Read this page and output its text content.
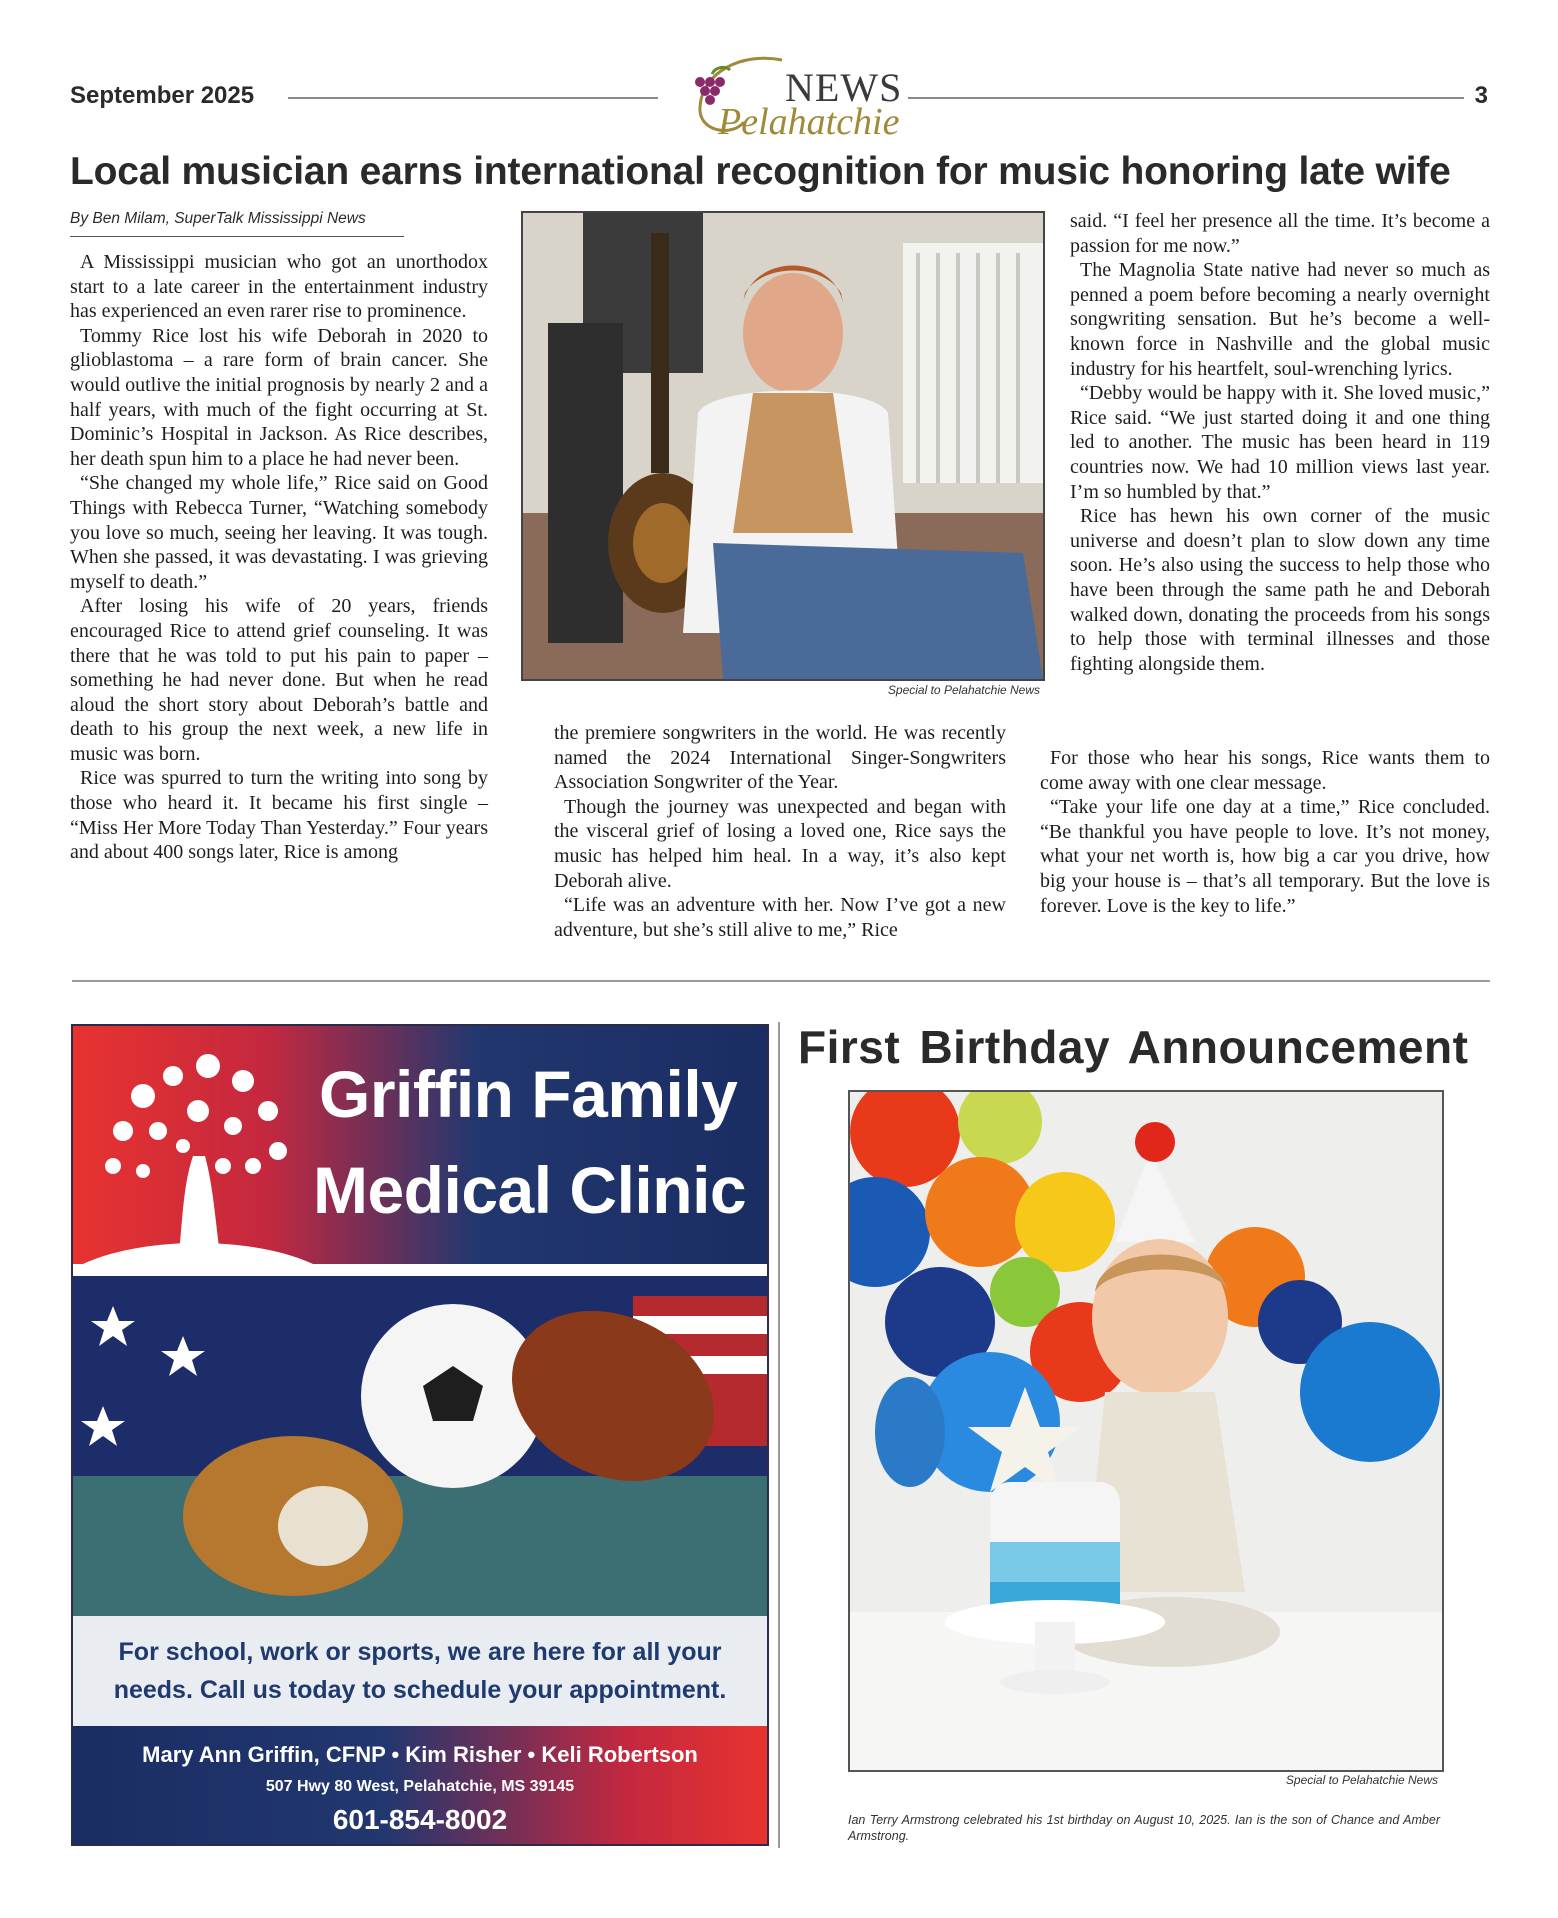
September 2025	3
NEWS
Pelahatchie
Local musician earns international recognition for music honoring late wife
By Ben Milam, SuperTalk Mississippi News

A Mississippi musician who got an unorthodox start to a late career in the entertainment industry has experienced an even rarer rise to prominence.

Tommy Rice lost his wife Deborah in 2020 to glioblastoma – a rare form of brain cancer. She would outlive the initial prognosis by nearly 2 and a half years, with much of the fight occurring at St. Dominic’s Hospital in Jackson. As Rice describes, her death spun him to a place he had never been.

“She changed my whole life,” Rice said on Good Things with Rebecca Turner, “Watching somebody you love so much, seeing her leaving. It was tough. When she passed, it was devastating. I was grieving myself to death.”

After losing his wife of 20 years, friends encouraged Rice to attend grief counseling. It was there that he was told to put his pain to paper – something he had never done. But when he read aloud the short story about Deborah’s battle and death to his group the next week, a new life in music was born.

Rice was spurred to turn the writing into song by those who heard it. It became his first single – “Miss Her More Today Than Yesterday.” Four years and about 400 songs later, Rice is among

Special to Pelahatchie News

the premiere songwriters in the world. He was recently named the 2024 International Singer-Songwriters Association Songwriter of the Year.

Though the journey was unexpected and began with the visceral grief of losing a loved one, Rice says the music has helped him heal. In a way, it’s also kept Deborah alive.

“Life was an adventure with her. Now I’ve got a new adventure, but she’s still alive to me,” Rice

said. “I feel her presence all the time. It’s become a passion for me now.”

The Magnolia State native had never so much as penned a poem before becoming a nearly overnight songwriting sensation. But he’s become a well-known force in Nashville and the global music industry for his heartfelt, soul-wrenching lyrics.

“Debby would be happy with it. She loved music,” Rice said. “We just started doing it and one thing led to another. The music has been heard in 119 countries now. We had 10 million views last year. I’m so humbled by that.”

Rice has hewn his own corner of the music universe and doesn’t plan to slow down any time soon. He’s also using the success to help those who have been through the same path he and Deborah walked down, donating the proceeds from his songs to help those with terminal illnesses and those fighting alongside them.

For those who hear his songs, Rice wants them to come away with one clear message.

“Take your life one day at a time,” Rice concluded. “Be thankful you have people to love. It’s not money, what your net worth is, how big a car you drive, how big your house is – that’s all temporary. But the love is forever. Love is the key to life.”

Griffin Family
Medical Clinic
For school, work or sports, we are here for all your
needs. Call us today to schedule your appointment.
Mary Ann Griffin, CFNP • Kim Risher • Keli Robertson
507 Hwy 80 West, Pelahatchie, MS 39145
601-854-8002
First Birthday Announcement
Special to Pelahatchie News
Ian Terry Armstrong celebrated his 1st birthday on August 10, 2025. Ian is the son of Chance and Amber Armstrong.
